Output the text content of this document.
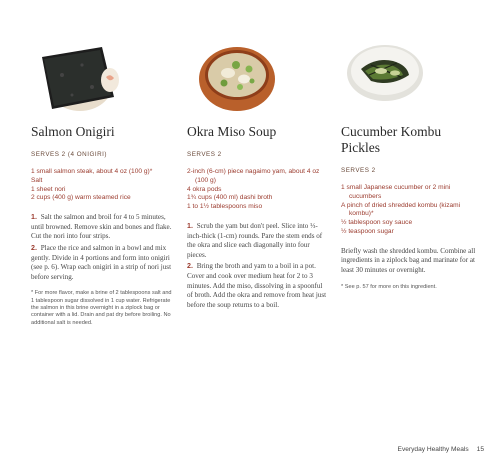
Salmon Onigiri
SERVES 2 (4 ONIGIRI)
1 small salmon steak, about 4 oz (100 g)*
Salt
1 sheet nori
2 cups (400 g) warm steamed rice

1. Salt the salmon and broil for 4 to 5 minutes, until browned. Remove skin and bones and flake. Cut the nori into four strips.

2. Place the rice and salmon in a bowl and mix gently. Divide in 4 portions and form into onigiri (see p. 6). Wrap each onigiri in a strip of nori just before serving.

* For more flavor, make a brine of 2 tablespoons salt and 1 tablespoon sugar dissolved in 1 cup water. Refrigerate the salmon in this brine overnight in a ziplock bag or container with a lid. Drain and pat dry before broiling. No additional salt is needed.
Okra Miso Soup
SERVES 2
2-inch (6-cm) piece nagaimo yam, about 4 oz (100 g)
4 okra pods
1¾ cups (400 ml) dashi broth
1 to 1½ tablespoons miso

1. Scrub the yam but don't peel. Slice into ⅓-inch-thick (1-cm) rounds. Pare the stem ends of the okra and slice each diagonally into four pieces.

2. Bring the broth and yam to a boil in a pot. Cover and cook over medium heat for 2 to 3 minutes. Add the miso, dissolving in a spoonful of broth. Add the okra and remove from heat just before the soup returns to a boil.

Cucumber Kombu Pickles
SERVES 2
1 small Japanese cucumber or 2 mini cucumbers
A pinch of dried shredded kombu (kizami kombu)*
½ tablespoon soy sauce
½ teaspoon sugar

Briefly wash the shredded kombu. Combine all ingredients in a ziplock bag and marinate for at least 30 minutes or overnight.

* See p. 57 for more on this ingredient.
Everyday Healthy Meals 15
